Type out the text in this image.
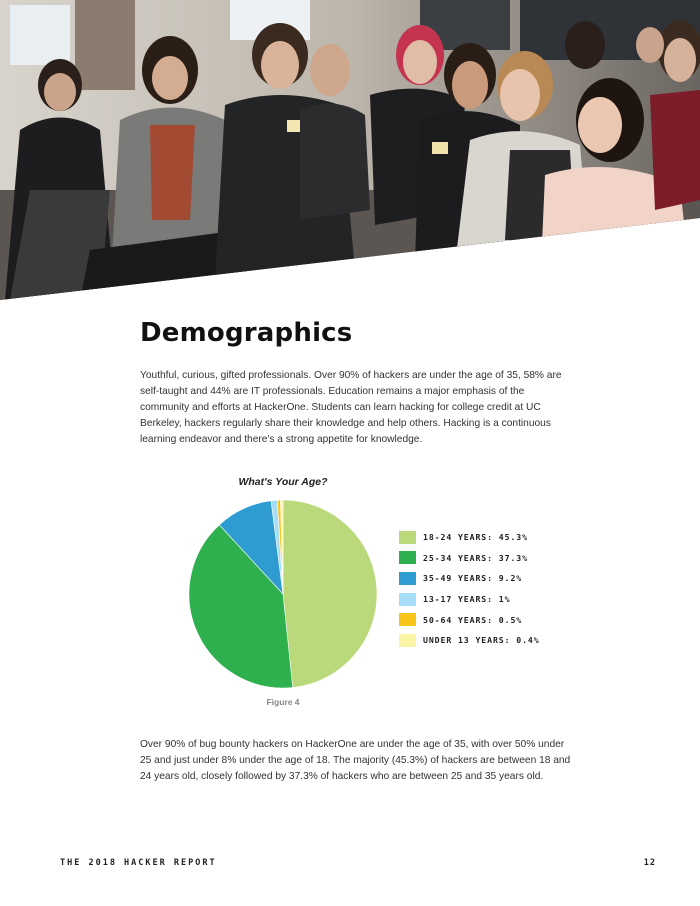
Demographics

Youthful, curious, gifted professionals. Over 90% of hackers are under the age of 35, 58% are self-taught and 44% are IT professionals. Education remains a major emphasis of the community and efforts at HackerOne. Students can learn hacking for college credit at UC Berkeley, hackers regularly share their knowledge and help others. Hacking is a continuous learning endeavor and there's a strong appetite for knowledge.

What's Your Age?
18-24 YEARS: 45.3%
25-34 YEARS: 37.3%
35-49 YEARS: 9.2%
13-17 YEARS: 1%
50-64 YEARS: 0.5%
UNDER 13 YEARS: 0.4%
Figure 4

Over 90% of bug bounty hackers on HackerOne are under the age of 35, with over 50% under 25 and just under 8% under the age of 18. The majority (45.3%) of hackers are between 18 and 24 years old, closely followed by 37.3% of hackers who are between 25 and 35 years old.

THE 2018 HACKER REPORT	12
